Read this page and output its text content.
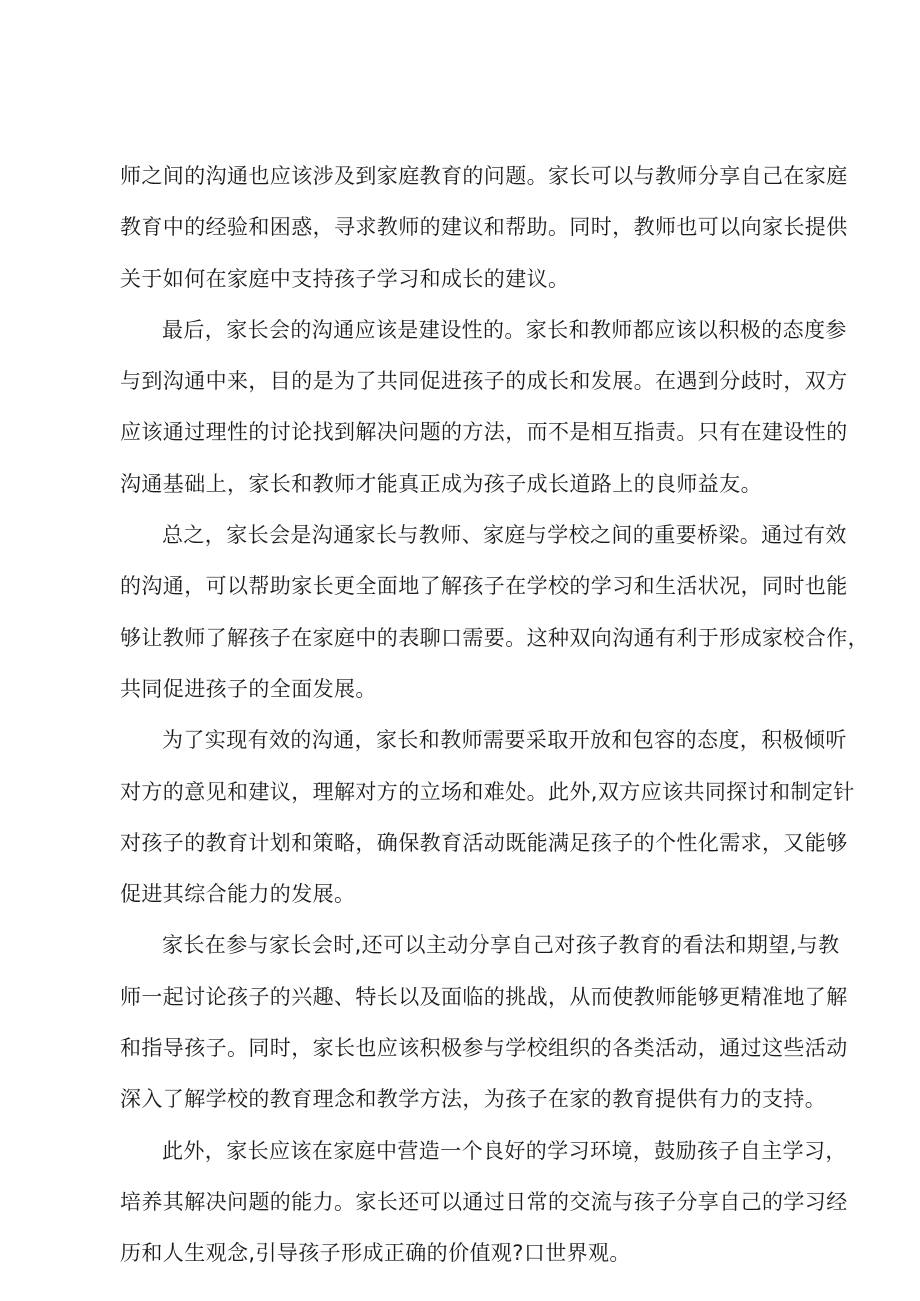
师之间的沟通也应该涉及到家庭教育的问题。家长可以与教师分享自己在家庭
教育中的经验和困惑，寻求教师的建议和帮助。同时，教师也可以向家长提供
关于如何在家庭中支持孩子学习和成长的建议。
最后，家长会的沟通应该是建设性的。家长和教师都应该以积极的态度参
与到沟通中来，目的是为了共同促进孩子的成长和发展。在遇到分歧时，双方
应该通过理性的讨论找到解决问题的方法，而不是相互指责。只有在建设性的
沟通基础上，家长和教师才能真正成为孩子成长道路上的良师益友。
总之，家长会是沟通家长与教师、家庭与学校之间的重要桥梁。通过有效
的沟通，可以帮助家长更全面地了解孩子在学校的学习和生活状况，同时也能
够让教师了解孩子在家庭中的表聊口需要。这种双向沟通有利于形成家校合作，
共同促进孩子的全面发展。
为了实现有效的沟通，家长和教师需要采取开放和包容的态度，积极倾听
对方的意见和建议，理解对方的立场和难处。此外,双方应该共同探讨和制定针
对孩子的教育计划和策略，确保教育活动既能满足孩子的个性化需求，又能够
促进其综合能力的发展。
家长在参与家长会时,还可以主动分享自己对孩子教育的看法和期望,与教
师一起讨论孩子的兴趣、特长以及面临的挑战，从而使教师能够更精准地了解
和指导孩子。同时，家长也应该积极参与学校组织的各类活动，通过这些活动
深入了解学校的教育理念和教学方法，为孩子在家的教育提供有力的支持。
此外，家长应该在家庭中营造一个良好的学习环境，鼓励孩子自主学习，
培养其解决问题的能力。家长还可以通过日常的交流与孩子分享自己的学习经
历和人生观念,引导孩子形成正确的价值观?口世界观。
